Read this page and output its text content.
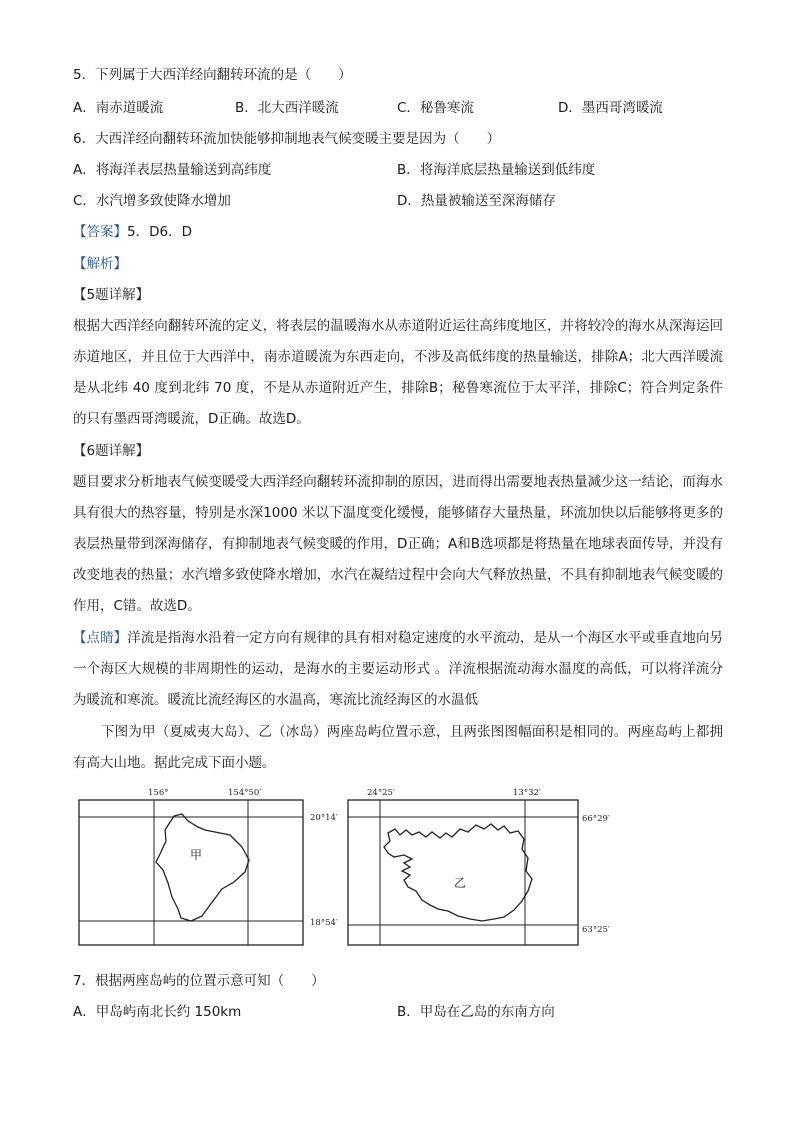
5．下列属于大西洋经向翻转环流的是（　　）
A．南赤道暖流	B．北大西洋暖流	C．秘鲁寒流	D．墨西哥湾暖流
6．大西洋经向翻转环流加快能够抑制地表气候变暖主要是因为（　　）
A．将海洋表层热量输送到高纬度	B．将海洋底层热量输送到低纬度
C．水汽增多致使降水增加	D．热量被输送至深海储存
【答案】5．D6．D
【解析】
【5题详解】
根据大西洋经向翻转环流的定义，将表层的温暖海水从赤道附近运往高纬度地区，并将较冷的海水从深海运回赤道地区，并且位于大西洋中，南赤道暖流为东西走向，不涉及高低纬度的热量输送，排除A；北大西洋暖流是从北纬 40 度到北纬 70 度，不是从赤道附近产生，排除B；秘鲁寒流位于太平洋，排除C；符合判定条件的只有墨西哥湾暖流，D正确。故选D。
【6题详解】
题目要求分析地表气候变暖受大西洋经向翻转环流抑制的原因，进而得出需要地表热量减少这一结论，而海水具有很大的热容量，特别是水深1000 米以下温度变化缓慢，能够储存大量热量，环流加快以后能够将更多的表层热量带到深海储存，有抑制地表气候变暖的作用，D正确；A和B选项都是将热量在地球表面传导，并没有改变地表的热量；水汽增多致使降水增加，水汽在凝结过程中会向大气释放热量，不具有抑制地表气候变暖的作用，C错。故选D。
【点睛】洋流是指海水沿着一定方向有规律的具有相对稳定速度的水平流动，是从一个海区水平或垂直地向另一个海区大规模的非周期性的运动，是海水的主要运动形式 。洋流根据流动海水温度的高低，可以将洋流分为暖流和寒流。暖流比流经海区的水温高，寒流比流经海区的水温低
下图为甲（夏威夷大岛）、乙（冰岛）两座岛屿位置示意，且两张图图幅面积是相同的。两座岛屿上都拥有高大山地。据此完成下面小题。
甲
156°	154°50′
20°14′
18°54′
乙
24°25′	13°32′
66°29′
63°25′
7．根据两座岛屿的位置示意可知（　　）
A．甲岛屿南北长约 150km	B．甲岛在乙岛的东南方向
